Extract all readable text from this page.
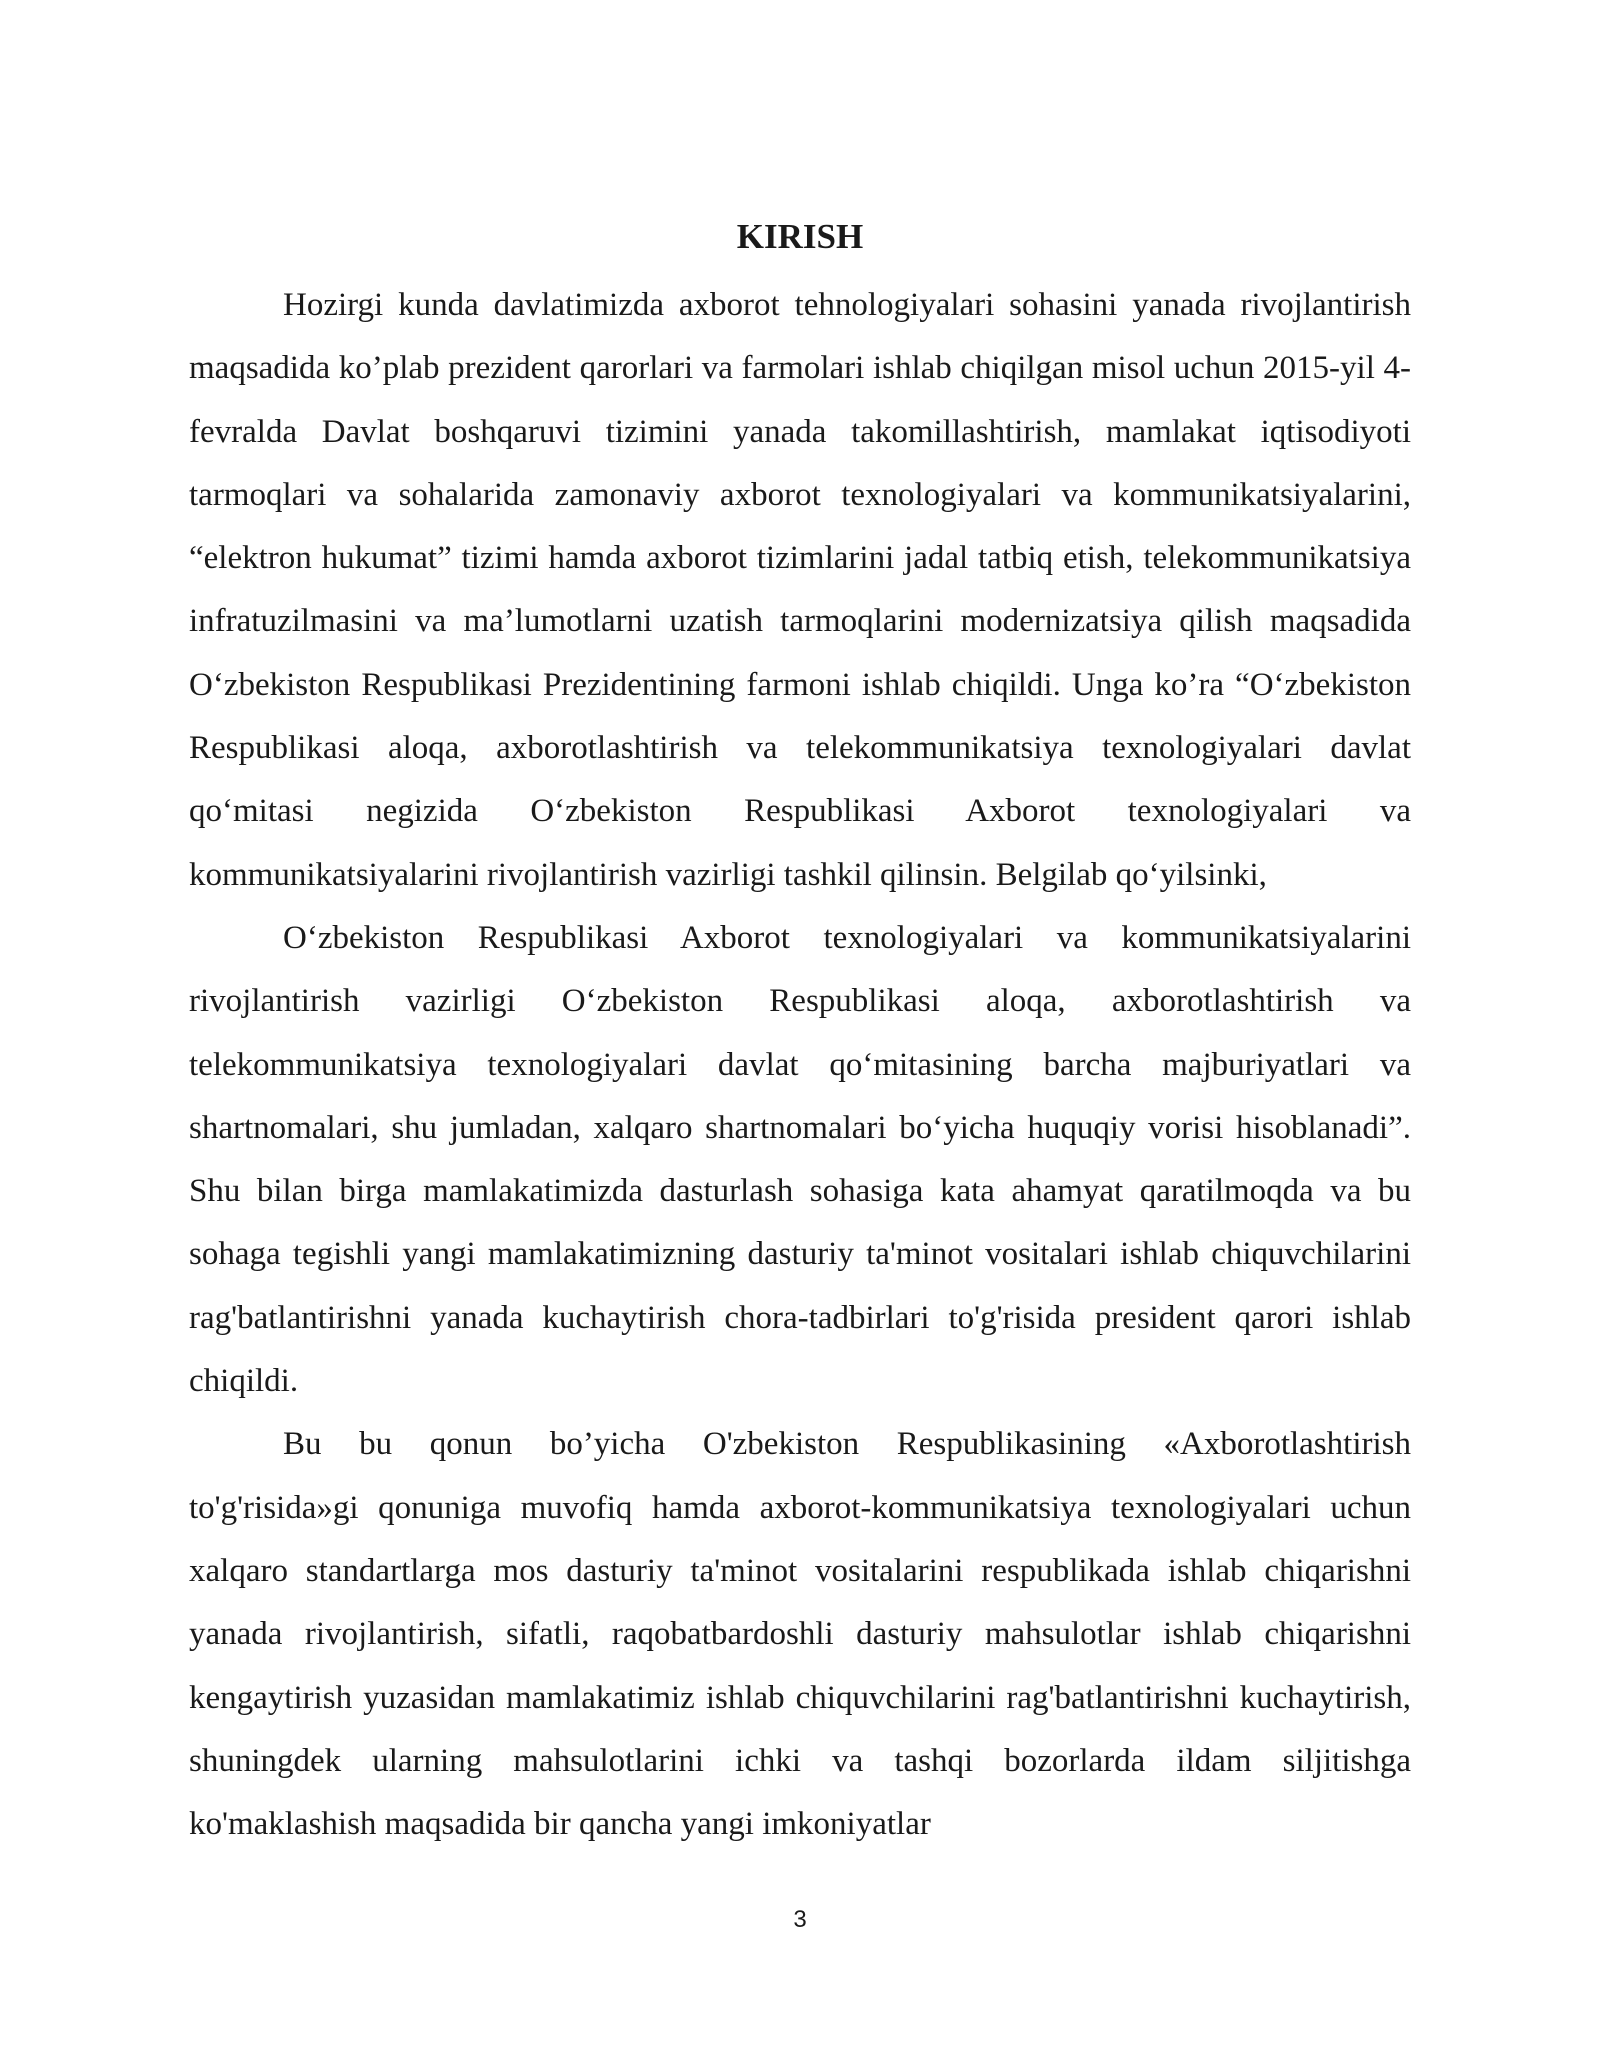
KIRISH

Hozirgi kunda davlatimizda axborot tehnologiyalari sohasini yanada rivojlantirish maqsadida ko’plab prezident qarorlari va farmolari ishlab chiqilgan misol uchun 2015-yil 4-fevralda Davlat boshqaruvi tizimini yanada takomillashtirish, mamlakat iqtisodiyoti tarmoqlari va sohalarida zamonaviy axborot texnologiyalari va kommunikatsiyalarini, “elektron hukumat” tizimi hamda axborot tizimlarini jadal tatbiq etish, telekommunikatsiya infratuzilmasini va ma’lumotlarni uzatish tarmoqlarini modernizatsiya qilish maqsadida O‘zbekiston Respublikasi Prezidentining farmoni ishlab chiqildi. Unga ko’ra “O‘zbekiston Respublikasi aloqa, axborotlashtirish va telekommunikatsiya texnologiyalari davlat qo‘mitasi negizida O‘zbekiston Respublikasi Axborot texnologiyalari va kommunikatsiyalarini rivojlantirish vazirligi tashkil qilinsin. Belgilab qo‘yilsinki,

O‘zbekiston Respublikasi Axborot texnologiyalari va kommunikatsiyalarini rivojlantirish vazirligi O‘zbekiston Respublikasi aloqa, axborotlashtirish va telekommunikatsiya texnologiyalari davlat qo‘mitasining barcha majburiyatlari va shartnomalari, shu jumladan, xalqaro shartnomalari bo‘yicha huquqiy vorisi hisoblanadi”. Shu bilan birga mamlakatimizda dasturlash sohasiga kata ahamyat qaratilmoqda va bu sohaga tegishli yangi mamlakatimizning dasturiy ta'minot vositalari ishlab chiquvchilarini rag'batlantirishni yanada kuchaytirish chora-tadbirlari to'g'risida president qarori ishlab chiqildi.

Bu bu qonun bo’yicha O'zbekiston Respublikasining «Axborotlashtirish to'g'risida»gi qonuniga muvofiq hamda axborot-kommunikatsiya texnologiyalari uchun xalqaro standartlarga mos dasturiy ta'minot vositalarini respublikada ishlab chiqarishni yanada rivojlantirish, sifatli, raqobatbardoshli dasturiy mahsulotlar ishlab chiqarishni kengaytirish yuzasidan mamlakatimiz ishlab chiquvchilarini rag'batlantirishni kuchaytirish, shuningdek ularning mahsulotlarini ichki va tashqi bozorlarda ildam siljitishga ko'maklashish maqsadida bir qancha yangi imkoniyatlar

3
